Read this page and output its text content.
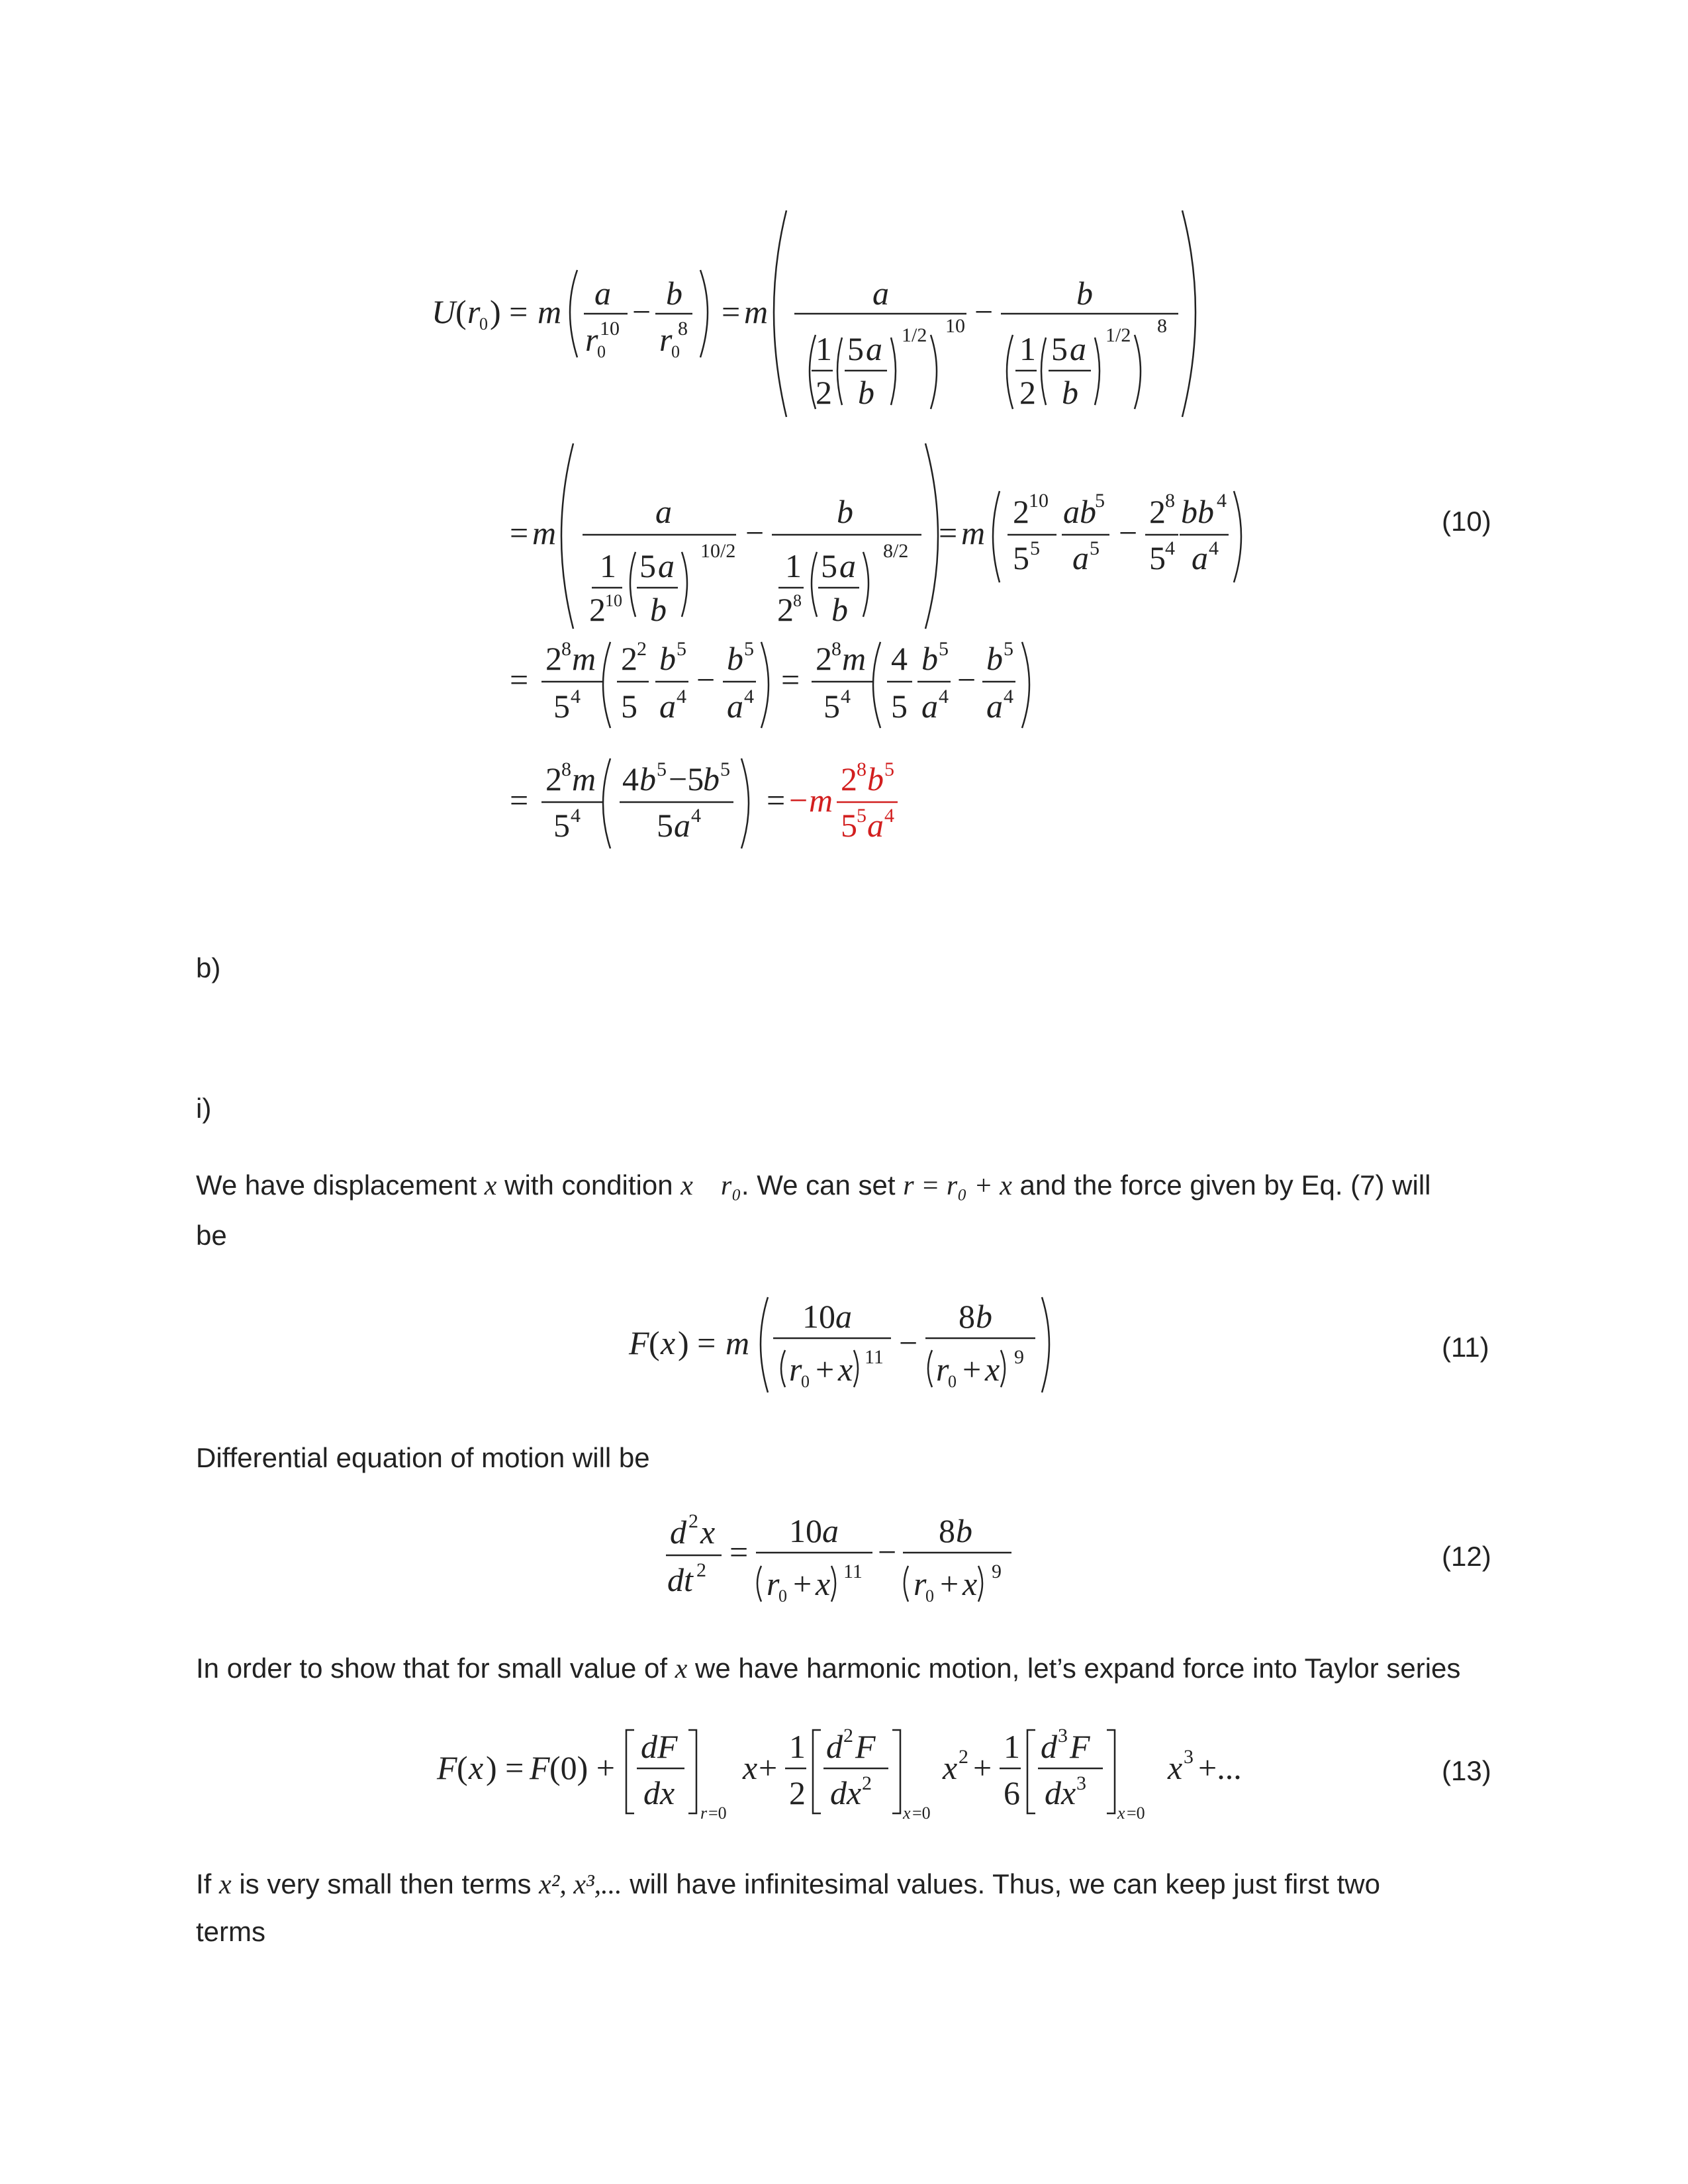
U ( r
0 ) = m a
r 10
0
− b
r 8
0
= m	a
1
2
5 a
b
1/2 10 −	b
1
2
5 a
b
1/2 8
= m
a
1
2 10
5 a
b
10/2 −
b
1
2 8
5 a
b
8/2 = m
2 10
5 5
ab
5
a 5 −
2 8
5 4
bb 4
a 4
=
2 8 m
5 4
2 2
5
b 5
a 4 −
b 5
a 4 =
2 8 m
5 4
4
5
b 5
a 4 −
b 5
a 4
=
2 8 m
5 4
4 b 5 −5
b 5
5 a 4 = − m
2 8 b 5
5 5 a 4
(10)
b)
i)
We have displacement x with condition x  r₀. We can set r = r₀ + x and the force given by Eq. (7) will
be
F ( x ) = m
10 a
r
0 + x 11 −
8 b
r
0 + x 9	(11)
Differential equation of motion will be
d 2 x
dt 2 =
10 a
r
0 + x 11
−
8 b
r
0 + x 9	(12)
In order to show that for small value of x we have harmonic motion, let’s expand force into Taylor series
F ( x ) = F (0) +
dF
dx
r =0
x +
1
2
d 2 F
dx 2
x =0
x 2 +
1
6
d 3 F
dx 3
x =0
x 3 +...	(13)
If x is very small then terms x², x³,... will have infinitesimal values. Thus, we can keep just first two
terms
